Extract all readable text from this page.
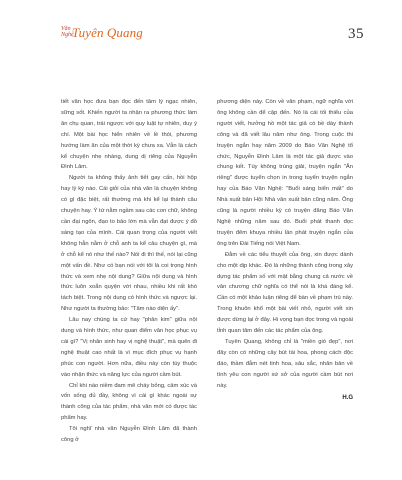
Văn
Nghệ
Tuyên Quang	35

tiết văn học đưa bạn đọc đến tâm lý ngạc nhiên, sững sốt. Khiến người ta nhận ra phương thức làm ăn chụ quan, trái ngược với quy luật tự nhiên, duy ý chí. Một bài học hiển nhiên về lề thói, phương hướng làm ăn của một thời kỳ chưa xa. Vẫn là cách kể chuyện nhẹ nhàng, dung dị riêng của Nguyễn Đình Lâm.

Người ta không thấy ảnh tiết gay cấn, hồi hộp hay lý kỳ nào. Cái giỏi của nhà văn là chuyện không có gì đặc biệt, rất thường mà khi kể lại thành câu chuyện hay. Ý tứ nằm ngầm sau các con chữ, không cần đại ngôn, đạo to bảo lớn mà vẫn đạt được ý đồ sáng tạo của mình. Cái quan trọng của người viết không hẳn nằm ở chỗ anh ta kể câu chuyện gì, mà ở chỗ kể nó như thế nào? Nói đi thì thế, nói lại cũng một vấn đề. Như có bạn nói với tôi là coi trọng hình thức và xem nhẹ nội dung? Giữa nội dung và hình thức luôn xoắn quyện với nhau, nhiều khi rất khó tách biệt. Trong nội dung có hình thức và ngược lại. Như người ta thường bảo: "Tâm nào diện ấy".

Lâu nay chúng ta cứ hay "phân kim" giữa nội dung và hình thức, như quan điểm văn học phục vụ cái gì? "Vị nhân sinh hay vị nghệ thuật", mà quên đi nghệ thuật cao nhất là vì mục đích phục vụ hạnh phúc con người. Hơn nữa, điều này còn tùy thuộc vào nhận thức và năng lực của người cầm bút.

Chỉ khi nào niềm đam mê cháy bỏng, cảm xúc và vốn sống đủ đầy, không vì cái gì khác ngoài sự thành công của tác phẩm, nhà văn mới có được tác phẩm hay.

Tôi nghĩ nhà văn Nguyễn Đình Lâm đã thành công ở

phương diện này. Còn về văn phạm, ngữ nghĩa với ông không cần để cập đến. Nó là cái tối thiểu của người viết, hưởng hồ một tác giả có bề dày thành công và đã viết lâu năm như ông. Trong cuộc thi truyện ngắn hay năm 2009 do Báo Văn Nghệ tổ chức, Nguyễn Đình Lâm là một tác giả được vào chung kết. Tùy không trúng giải, truyện ngắn "Ăn riêng" được tuyển chọn in trong tuyển truyện ngắn hay của Báo Văn Nghệ: "Buổi sáng biển mất" do Nhà xuất bản Hội Nhà văn xuất bản cũng năm. Ông cũng là người nhiều kỳ có truyện đăng Báo Văn Nghệ những năm sau đó. Buổi phát thanh đọc truyện đêm khuya nhiều lần phát truyện ngắn của ông trên Đài Tiếng nói Việt Nam.

Đằm về các tiểu thuyết của ông, xin được dành cho một dịp khác. Đó là những thành công trong xây dựng tác phẩm số với mật bằng chung cả nước về văn chương chữ nghĩa có thể nói là khá đáng kể. Cần có một khảo luận riêng để bàn về phạm trù này. Trong khuôn khổ một bài viết nhỏ, người viết xin được dừng lại ở đây. Hi vọng bạn đọc trong và ngoài tỉnh quan tâm đến các tác phẩm của ông.

Tuyên Quang, không chỉ là "miền gió đẹp", nơi đây còn có những cây bút tài hoa, phong cách độc đáo, thầm đẫm nét tinh hoa, sâu sắc, nhân bản về tình yêu con người xứ sở của người cầm bút nơi này.

H.G
